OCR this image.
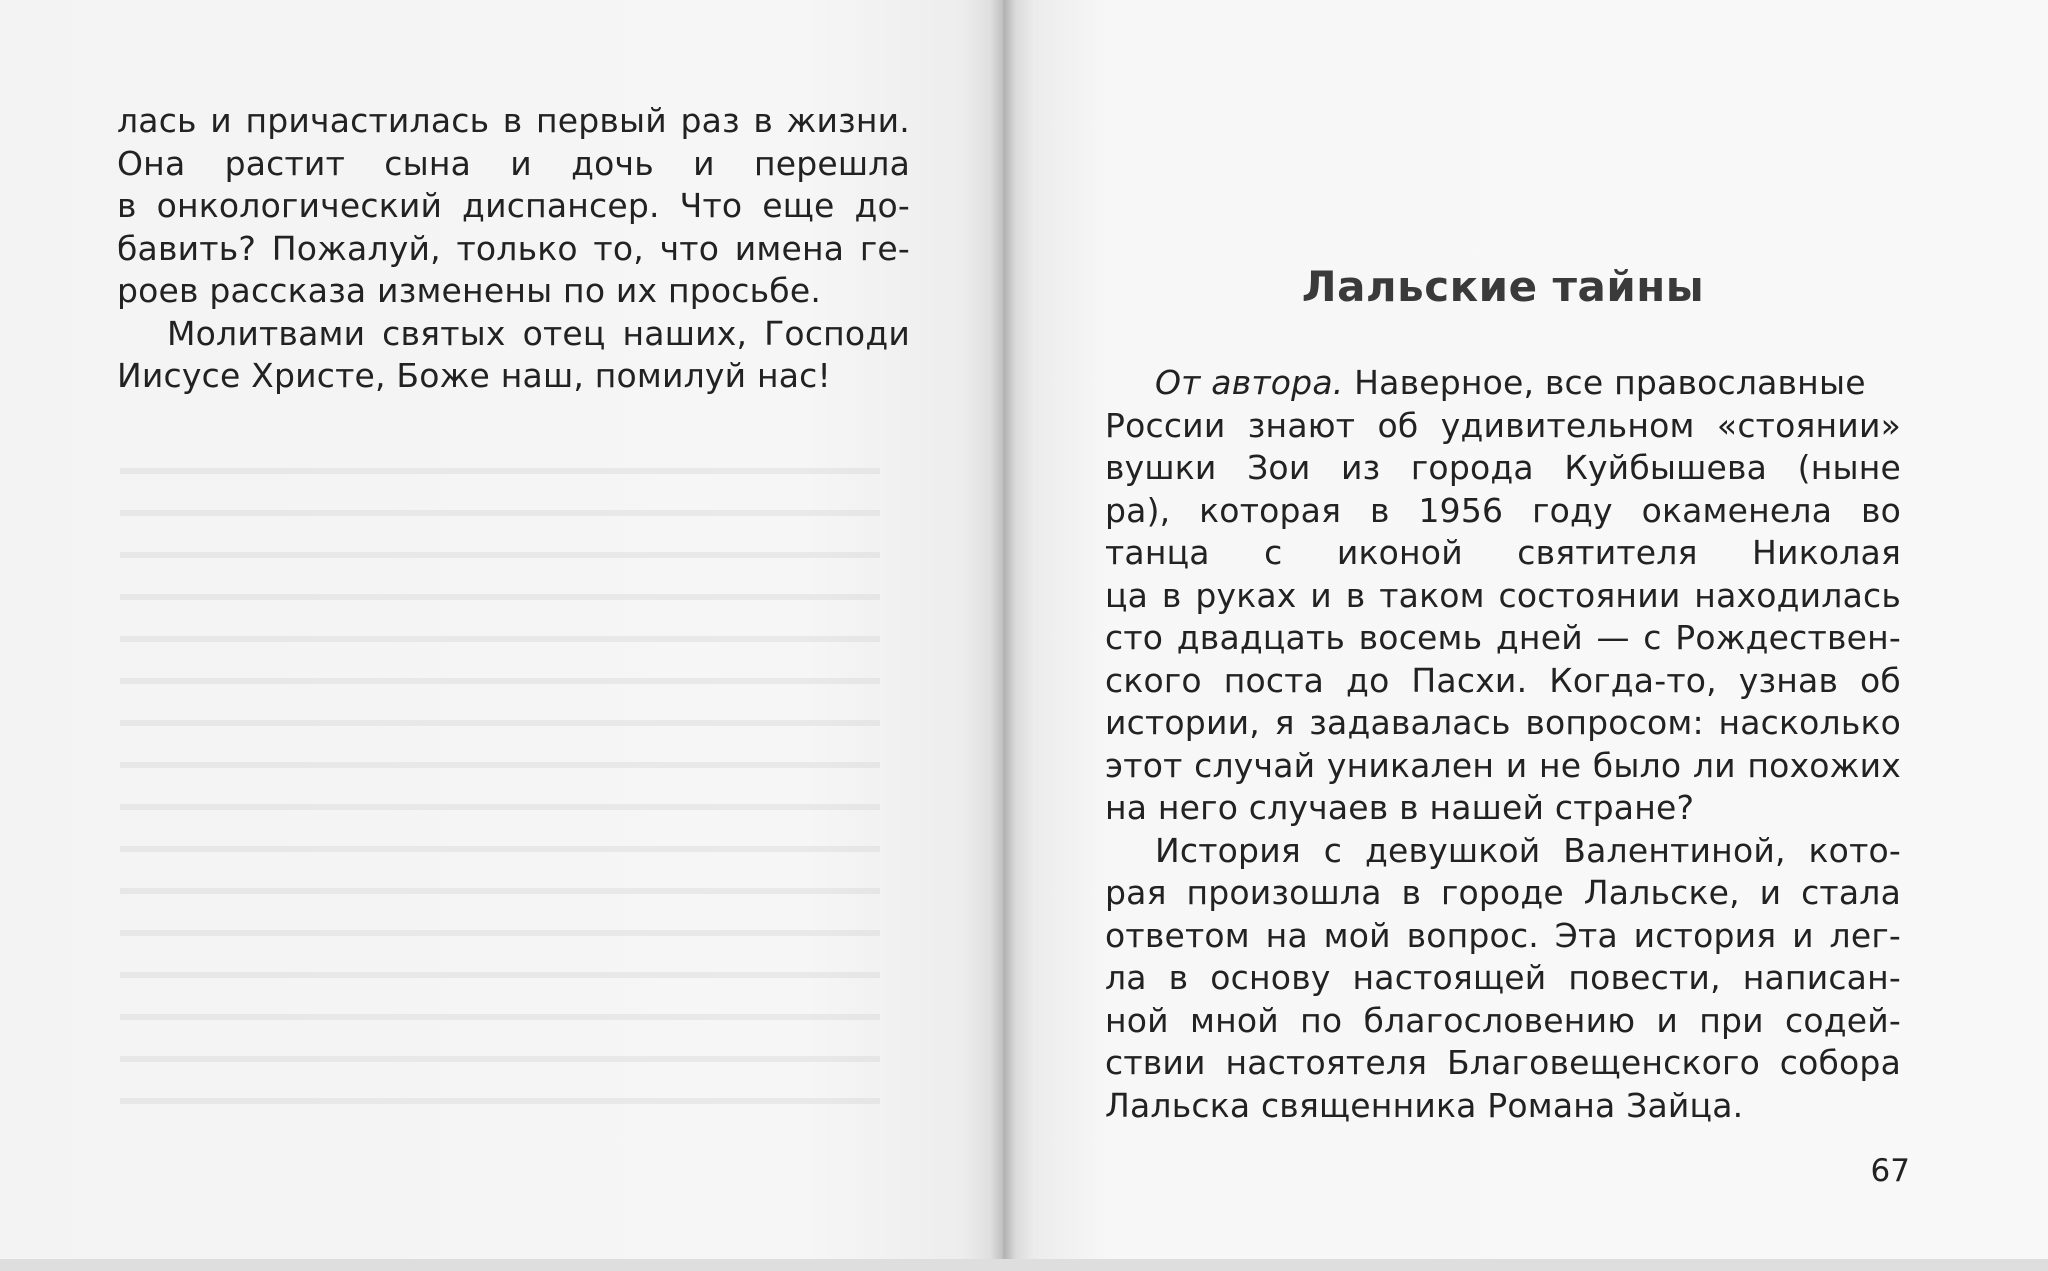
лась и причастилась в первый раз в жизни.
Она растит сына и дочь и перешла
в онкологический диспансер. Что еще до-
бавить? Пожалуй, только то, что имена ге-
роев рассказа изменены по их просьбе.
Молитвами святых отец наших, Господи
Иисусе Христе, Боже наш, помилуй нас!
Лальские тайны
От автора. Наверное, все православные
России знают об удивительном «стоянии»
вушки Зои из города Куйбышева (ныне
ра), которая в 1956 году окаменела во
танца с иконой святителя Николая
ца в руках и в таком состоянии находилась
сто двадцать восемь дней — с Рождествен-
ского поста до Пасхи. Когда-то, узнав об
истории, я задавалась вопросом: насколько
этот случай уникален и не было ли похожих
на него случаев в нашей стране?
История с девушкой Валентиной, кото-
рая произошла в городе Лальске, и стала
ответом на мой вопрос. Эта история и лег-
ла в основу настоящей повести, написан-
ной мной по благословению и при содей-
ствии настоятеля Благовещенского собора
Лальска священника Романа Зайца.
67
